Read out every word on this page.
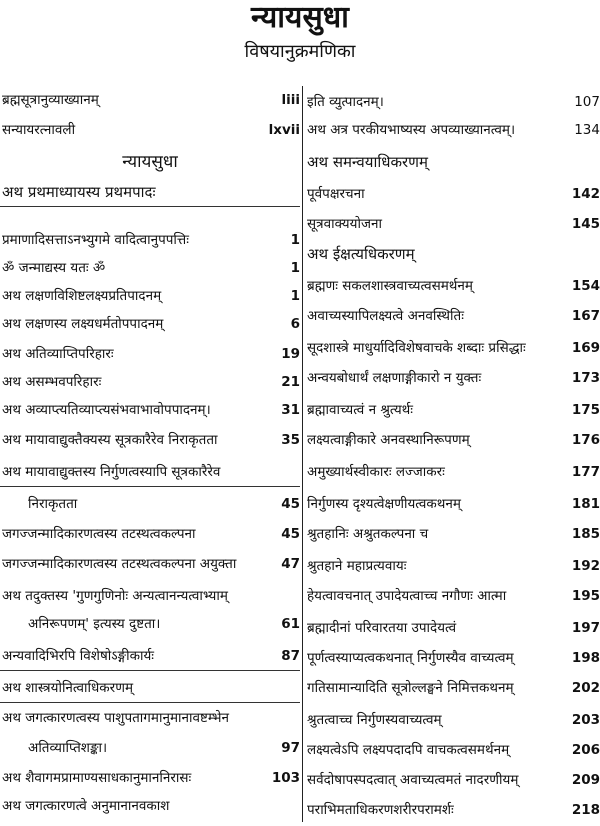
न्यायसुधा
विषयानुक्रमणिका
ब्रह्मसूत्रानुव्याख्यानम्	liii
सन्यायरत्नावली	lxvii
न्यायसुधा
अथ प्रथमाध्यायस्य प्रथमपादः
प्रमाणादिसत्ताऽनभ्युगमे वादित्वानुपपत्तिः	1
ॐ जन्माद्यस्य यतः ॐ	1
अथ लक्षणविशिष्टलक्ष्यप्रतिपादनम्	1
अथ लक्षणस्य लक्ष्यधर्मतोपपादनम्	6
अथ अतिव्याप्तिपरिहारः	19
अथ असम्भवपरिहारः	21
अथ अव्याप्त्यतिव्याप्त्यसंभवाभावोपपादनम्।	31
अथ मायावाद्युक्तैक्यस्य सूत्रकारैरेव निराकृतता	35
अथ मायावाद्युक्तस्य निर्गुणत्वस्यापि सूत्रकारैरेव
निराकृतता	45
जगज्जन्मादिकारणत्वस्य तटस्थत्वकल्पना	45
जगज्जन्मादिकारणत्वस्य तटस्थत्वकल्पना अयुक्ता	47
अथ तदुक्तस्य 'गुणगुणिनोः अन्यत्वानन्यत्वाभ्याम्
अनिरूपणम्' इत्यस्य दुष्टता।	61
अन्यवादिभिरपि विशेषोऽङ्गीकार्यः	87
अथ शास्त्रयोनित्वाधिकरणम्
अथ जगत्कारणत्वस्य पाशुपतागमानुमानावष्टम्भेन
अतिव्याप्तिशङ्का।	97
अथ शैवागमप्रामाण्यसाधकानुमाननिरासः	103
अथ जगत्कारणत्वे अनुमानानवकाश
इति व्युत्पादनम्।	107
अथ अत्र परकीयभाष्यस्य अपव्याख्यानत्वम्।	134
अथ समन्वयाधिकरणम्
पूर्वपक्षरचना	142
सूत्रवाक्ययोजना	145
अथ ईक्षत्यधिकरणम्
ब्रह्मणः सकलशास्त्रवाच्यत्वसमर्थनम्	154
अवाच्यस्यापिलक्ष्यत्वे अनवस्थितिः	167
सूदशास्त्रे माधुर्यादिविशेषवाचके शब्दाः प्रसिद्धाः	169
अन्वयबोधार्थं लक्षणाङ्गीकारो न युक्तः	173
ब्रह्मावाच्यत्वं न श्रुत्यर्थः	175
लक्ष्यत्वाङ्गीकारे अनवस्थानिरूपणम्	176
अमुख्यार्थस्वीकारः लज्जाकरः	177
निर्गुणस्य दृश्यत्वेक्षणीयत्वकथनम्	181
श्रुतहानिः अश्रुतकल्पना च	185
श्रुतहाने महाप्रत्यवायः	192
हेयत्वावचनात् उपादेयत्वाच्च नगौणः आत्मा	195
ब्रह्मादीनां परिवारतया उपादेयत्वं	197
पूर्णत्वस्याप्यत्वकथनात् निर्गुणस्यैव वाच्यत्वम्	198
गतिसामान्यादिति सूत्रोल्लङ्घने निमित्तकथनम्	202
श्रुतत्वाच्च निर्गुणस्यवाच्यत्वम्	203
लक्ष्यत्वेऽपि लक्ष्यपदादपि वाचकत्वसमर्थनम्	206
सर्वदोषापस्पदत्वात् अवाच्यत्वमतं नादरणीयम्	209
पराभिमताधिकरणशरीरपरामर्शः	218
